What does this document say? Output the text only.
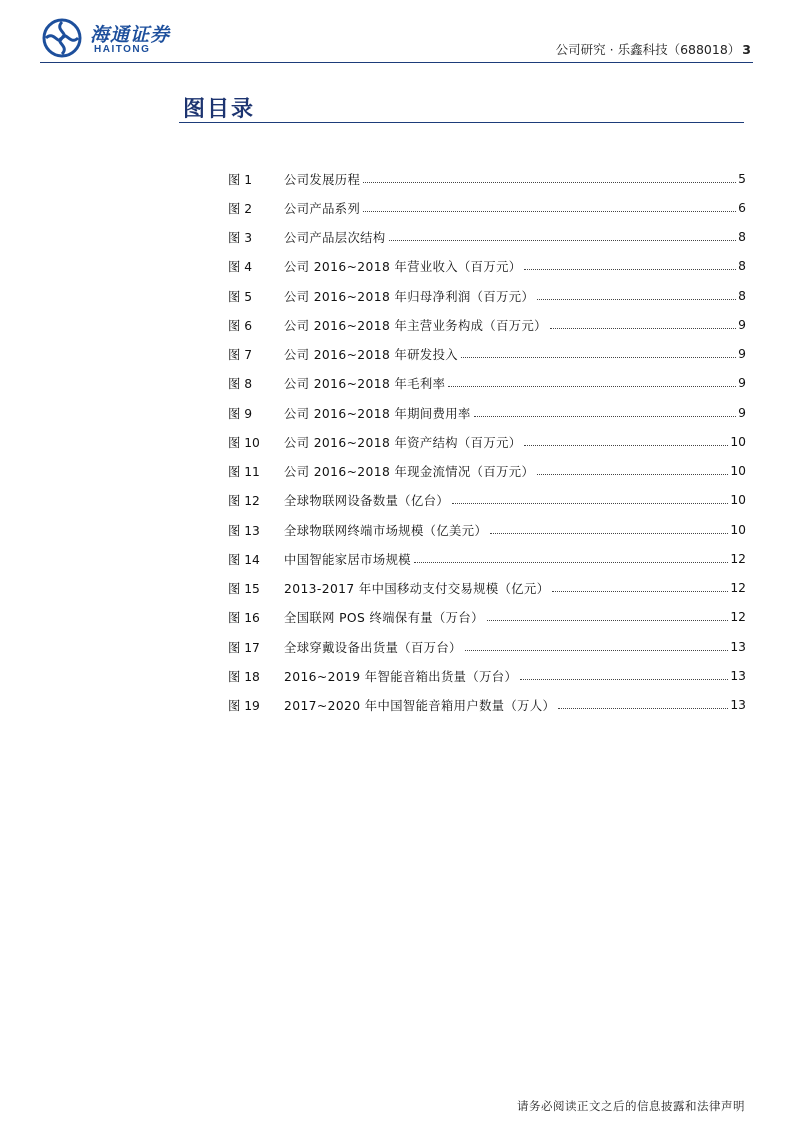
海通证券
HAITONG	公司研究 · 乐鑫科技（688018） 3
图目录
图 1	公司发展历程	5
图 2	公司产品系列	6
图 3	公司产品层次结构	8
图 4	公司 2016~2018 年营业收入（百万元）	8
图 5	公司 2016~2018 年归母净利润（百万元）	8
图 6	公司 2016~2018 年主营业务构成（百万元）	9
图 7	公司 2016~2018 年研发投入	9
图 8	公司 2016~2018 年毛利率	9
图 9	公司 2016~2018 年期间费用率	9
图 10	公司 2016~2018 年资产结构（百万元）	10
图 11	公司 2016~2018 年现金流情况（百万元）	10
图 12	全球物联网设备数量（亿台）	10
图 13	全球物联网终端市场规模（亿美元）	10
图 14	中国智能家居市场规模	12
图 15	2013-2017 年中国移动支付交易规模（亿元）	12
图 16	全国联网 POS 终端保有量（万台）	12
图 17	全球穿戴设备出货量（百万台）	13
图 18	2016~2019 年智能音箱出货量（万台）	13
图 19	2017~2020 年中国智能音箱用户数量（万人）	13
请务必阅读正文之后的信息披露和法律声明
